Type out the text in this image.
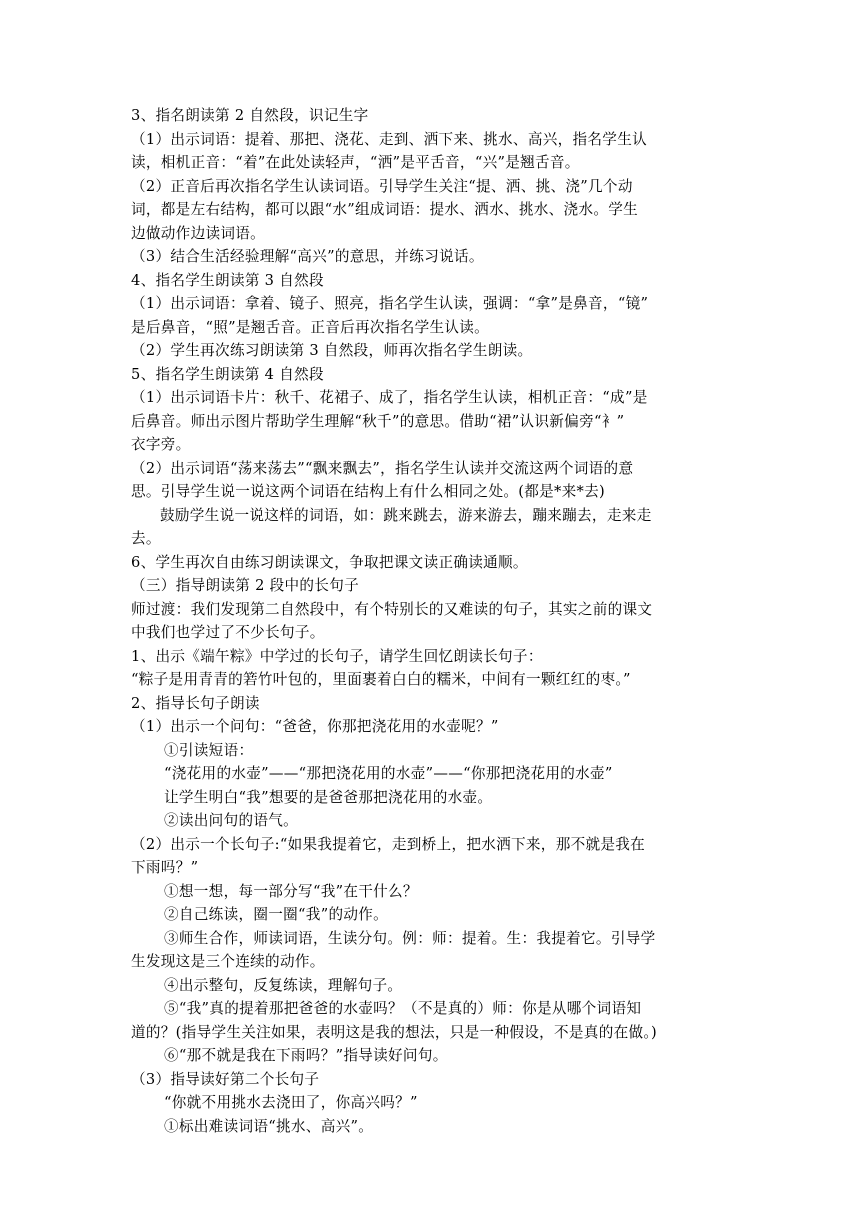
3、指名朗读第 2 自然段，识记生字
（1）出示词语：提着、那把、浇花、走到、洒下来、挑水、高兴，指名学生认
读，相机正音：“着”在此处读轻声，“洒”是平舌音，“兴”是翘舌音。
（2）正音后再次指名学生认读词语。引导学生关注“提、洒、挑、浇”几个动
词，都是左右结构，都可以跟“水”组成词语：提水、洒水、挑水、浇水。学生
边做动作边读词语。
（3）结合生活经验理解“高兴”的意思，并练习说话。
4、指名学生朗读第 3 自然段
（1）出示词语：拿着、镜子、照亮，指名学生认读，强调：“拿”是鼻音，“镜”
是后鼻音，“照”是翘舌音。正音后再次指名学生认读。
（2）学生再次练习朗读第 3 自然段，师再次指名学生朗读。
5、指名学生朗读第 4 自然段
（1）出示词语卡片：秋千、花裙子、成了，指名学生认读，相机正音：“成”是
后鼻音。师出示图片帮助学生理解“秋千”的意思。借助“裙”认识新偏旁“衤”
衣字旁。
（2）出示词语“荡来荡去”“飘来飘去”，指名学生认读并交流这两个词语的意
思。引导学生说一说这两个词语在结构上有什么相同之处。(都是*来*去)
鼓励学生说一说这样的词语，如：跳来跳去，游来游去，蹦来蹦去，走来走
去。
6、学生再次自由练习朗读课文，争取把课文读正确读通顺。
（三）指导朗读第 2 段中的长句子
师过渡：我们发现第二自然段中，有个特别长的又难读的句子，其实之前的课文
中我们也学过了不少长句子。
1、出示《端午粽》中学过的长句子，请学生回忆朗读长句子：
“粽子是用青青的箬竹叶包的，里面裹着白白的糯米，中间有一颗红红的枣。”
2、指导长句子朗读
（1）出示一个问句：“爸爸，你那把浇花用的水壶呢？”
①引读短语：
“浇花用的水壶”——“那把浇花用的水壶”——“你那把浇花用的水壶”
让学生明白“我”想要的是爸爸那把浇花用的水壶。
②读出问句的语气。
（2）出示一个长句子:“如果我提着它，走到桥上，把水洒下来，那不就是我在
下雨吗？”
①想一想，每一部分写“我”在干什么？
②自己练读，圈一圈“我”的动作。
③师生合作，师读词语，生读分句。例：师：提着。生：我提着它。引导学
生发现这是三个连续的动作。
④出示整句，反复练读，理解句子。
⑤“我”真的提着那把爸爸的水壶吗？（不是真的）师：你是从哪个词语知
道的？(指导学生关注如果，表明这是我的想法，只是一种假设，不是真的在做。)
⑥“那不就是我在下雨吗？”指导读好问句。
（3）指导读好第二个长句子
“你就不用挑水去浇田了，你高兴吗？”
①标出难读词语“挑水、高兴”。
